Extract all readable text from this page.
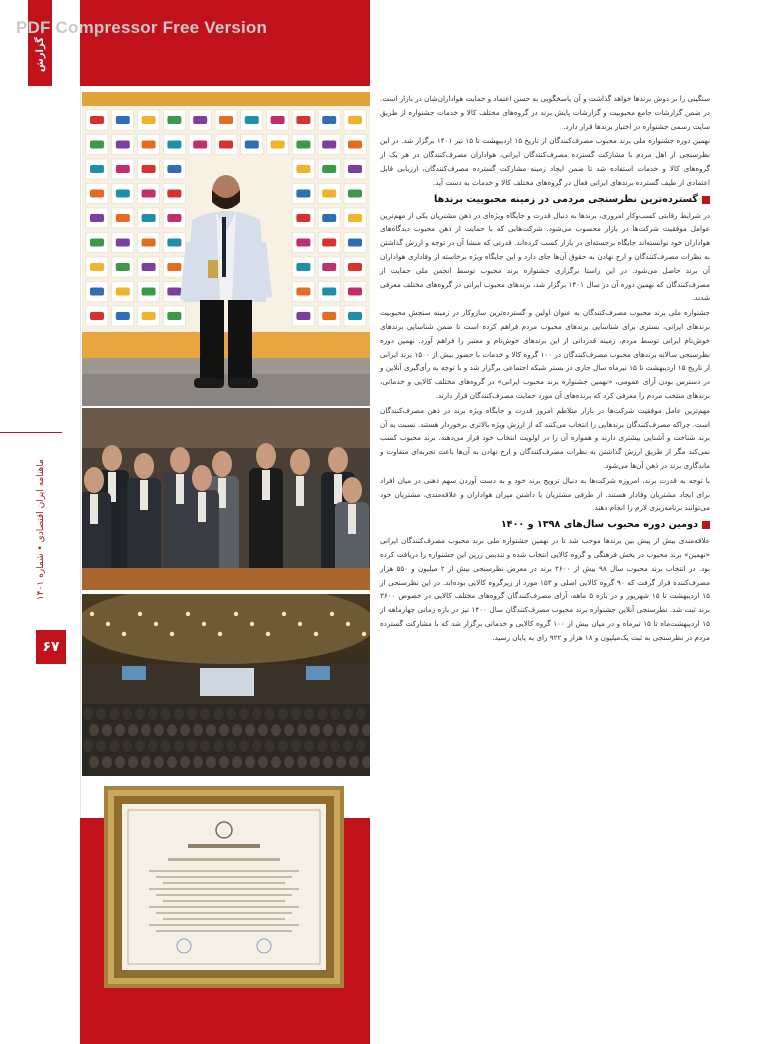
PDF Compressor Free Version
گزارش
ماهنامه ایران اقتصادی • شماره ۱۴۰۱
۶۷

سنگینی را بر دوش برندها خواهد گذاشت و آن پاسخگویی به حسن اعتماد و حمایت هواداران‌شان در بازار است. در ضمن گزارشات جامع محبوبیت و گزارشات پایش برند در گروه‌های مختلف کالا و خدمات جشنواره از طریق سایت رسمی جشنواره در اختیار برندها قرار دارد.

نهمین دوره جشنواره ملی برند محبوب مصرف‌کنندگان از تاریخ ۱۵ اردیبهشت تا ۱۵ تیر ۱۴۰۱ برگزار شد. در این نظرسنجی از اهل مردم با مشارکت گسترده مصرف‌کنندگان ایرانی، هواداران مصرف‌کنندگان در هر یک از گروه‌های کالا و خدمات استفاده شد تا ضمن ایجاد زمینه مشارکت گسترده مصرف‌کنندگان، ارزیابی قابل اعتمادی از طیف گسترده برندهای ایرانی فعال در گروه‌های مختلف کالا و خدمات به دست آید.

گسترده‌ترین نظرسنجی مردمی در زمینه محبوبیت برندها

در شرایط رقابتی کسب‌وکار امروزی، برندها به دنبال قدرت و جایگاه ویژه‌ای در ذهن مشتریان یکی از مهم‌ترین عوامل موفقیت شرکت‌ها در بازار محسوب می‌شود. شرکت‌هایی که با حمایت از ذهن محبوب دیدگاه‌های هواداران خود توانسته‌اند جایگاه برجسته‌ای در بازار کسب کرده‌اند. قدرتی که منشا آن در توجه و ارزش گذاشتن به نظرات مصرف‌کنندگان و ارج نهادن به حقوق آن‌ها جای دارد و این جایگاه ویژه برخاسته از وفاداری هواداران آن برند حاصل می‌شود. در این راستا برگزاری جشنواره برند محبوب توسط انجمن ملی حمایت از مصرف‌کنندگان که نهمین دوره آن در سال ۱۴۰۱ برگزار شد، برندهای محبوب ایرانی در گروه‌های مختلف معرفی شدند.

جشنواره ملی برند محبوب مصرف‌کنندگان به عنوان اولین و گسترده‌ترین سازوکار در زمینه سنجش محبوبیت برندهای ایرانی، بستری برای شناسایی برندهای محبوب مردم فراهم کرده است تا ضمن شناسایی برندهای خوش‌نام ایرانی توسط مردم، زمینه قدردانی از این برندهای خوش‌نام و معتبر را فراهم آورد. نهمین دوره نظرسنجی سالانه برندهای محبوب مصرف‌کنندگان در ۱۰۰ گروه کالا و خدمات با حضور بیش از ۱۵۰۰ برند ایرانی از تاریخ ۱۵ اردیبهشت تا ۱۵ تیرماه سال جاری در بستر شبکه اجتماعی برگزار شد و با توجه به رأی‌گیری آنلاین و در دسترس بودن آرای عمومی، «نهمین جشنواره برند محبوب ایرانی» در گروه‌های مختلف کالایی و خدماتی، برندهای منتخب مردم را معرفی کرد که برنده‌های آن مورد حمایت مصرف‌کنندگان قرار دارند.

مهم‌ترین عامل موفقیت شرکت‌ها در بازار متلاطم امروز قدرت و جایگاه ویژه برند در ذهن مصرف‌کنندگان است. چراکه مصرف‌کنندگان برندهایی را انتخاب می‌کنند که از ارزش ویژه بالاتری برخوردار هستند. نسبت به آن برند شناخت و آشنایی بیشتری دارند و همواره آن را در اولویت انتخاب خود قرار می‌دهند. برند محبوب کسب نمی‌کند مگر از طریق ارزش گذاشتن به نظرات مصرف‌کنندگان و ارج نهادن به آن‌ها باعث تجربه‌ای متفاوت و ماندگاری برند در ذهن آن‌ها می‌شود.

با توجه به قدرت برند، امروزه شرکت‌ها به دنبال ترویج برند خود و به دست آوردن سهم ذهنی در میان افراد برای ایجاد مشتریان وفادار هستند. از طرفی مشتریان با داشتن میزان هواداران و علاقه‌مندی، مشتریان خود می‌توانند برنامه‌ریزی لازم را انجام دهند.

دومین دوره محبوب سال‌های ۱۳۹۸ و ۱۴۰۰

علاقه‌مندی بیش از پیش بین برندها موجب شد تا در نهمین جشنواره ملی برند محبوب مصرف‌کنندگان ایرانی «نهمین» برند محبوب در بخش فرهنگی و گروه کالایی انتخاب شده و تندیس زرین این جشنواره را دریافت کرده بود. در انتخاب برند محبوب سال ۹۸ بیش از ۲۶۰۰ برند در معرض نظرسنجی بیش از ۲ میلیون و ۵۵۰ هزار مصرف‌کننده قرار گرفت که ۹۰ گروه کالایی اصلی و ۱۵۳ مورد از زیرگروه کالایی بوده‌اند. در این نظرسنجی از ۱۵ اردیبهشت تا ۱۵ شهریور و در بازه ۵ ماهه، آرای مصرف‌کنندگان گروه‌های مختلف کالایی در خصوص ۳۶۰۰ برند ثبت شد. نظرسنجی آنلاین جشنواره برند محبوب مصرف‌کنندگان سال ۱۴۰۰ نیز در بازه زمانی چهارماهه از ۱۵ اردیبهشت‌ماه تا ۱۵ تیرماه و در میان بیش از ۱۰۰ گروه کالایی و خدماتی برگزار شد که با مشارکت گسترده مردم در نظرسنجی به ثبت یک‌میلیون و ۱۸ هزار و ۹۲۲ رای به پایان رسید.
